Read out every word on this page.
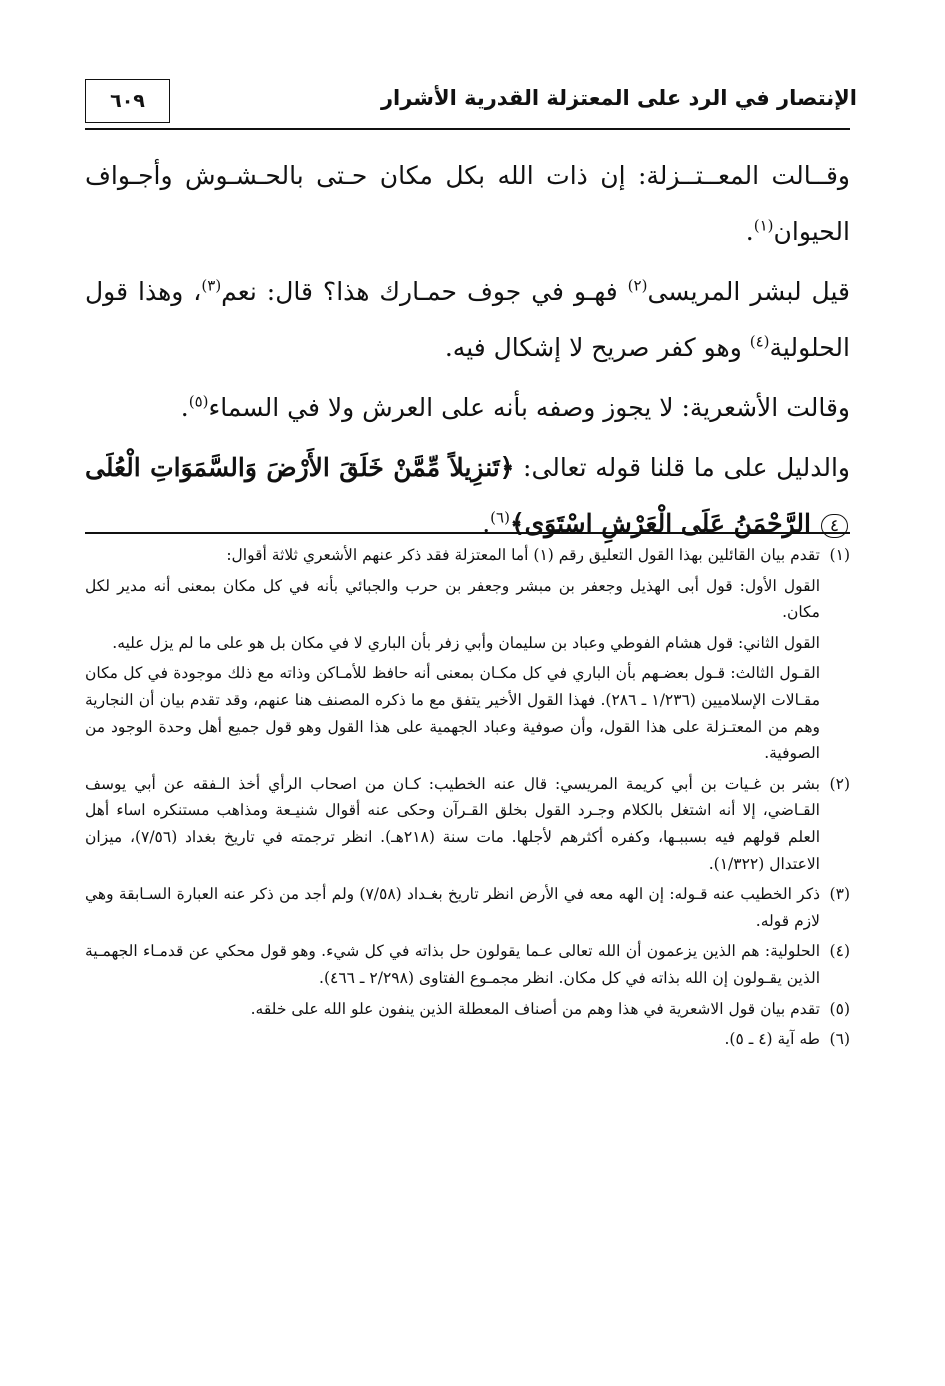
الإنتصار في الرد على المعتزلة القدرية الأشرار
٦٠٩

وقــالت المعــتــزلة: إن ذات الله بكل مكان حـتى بالحـشـوش وأجـواف الحيوان$^{(١)}$.

قيل لبشر المريسى$^{(٢)}$ فهـو في جوف حمـارك هذا؟ قال: نعم$^{(٣)}$، وهذا قول الحلولية$^{(٤)}$ وهو كفر صريح لا إشكال فيه.

وقالت الأشعرية: لا يجوز وصفه بأنه على العرش ولا في السماء$^{(٥)}$.

والدليل على ما قلنا قوله تعالى: ﴿تَنزِيلاً مِّمَّنْ خَلَقَ الأَرْضَ وَالسَّمَوَاتِ الْعُلَى ٤ الرَّحْمَنُ عَلَى الْعَرْشِ اسْتَوَى﴾$^{(٦)}$.

(١)
تقدم بيان القائلين بهذا القول التعليق رقم (١) أما المعتزلة فقد ذكر عنهم الأشعري ثلاثة أقوال:
القول الأول: قول أبى الهذيل وجعفر بن مبشر وجعفر بن حرب والجبائي بأنه في كل مكان بمعنى أنه مدير لكل مكان.
القول الثاني: قول هشام الفوطي وعباد بن سليمان وأبي زفر بأن الباري لا في مكان بل هو على ما لم يزل عليه.
القـول الثالث: قـول بعضـهم بأن الباري في كل مكـان بمعنى أنه حافظ للأمـاكن وذاته مع ذلك موجودة في كل مكان مقـالات الإسلاميين (١/٢٣٦ ـ ٢٨٦). فهذا القول الأخير يتفق مع ما ذكره المصنف هنا عنهم، وقد تقدم بيان أن النجارية وهم من المعتـزلة على هذا القول، وأن صوفية وعباد الجهمية على هذا القول وهو قول جميع أهل وحدة الوجود من الصوفية.
(٢)
بشر بن غـيات بن أبي كريمة المريسي: قال عنه الخطيب: كـان من اصحاب الرأي أخذ الـفقه عن أبي يوسف القـاضي، إلا أنه اشتغل بالكلام وجـرد القول بخلق القـرآن وحكى عنه أقوال شنيـعة ومذاهب مستنكره اساء أهل العلم قولهم فيه بسببـها، وكفره أكثرهم لأجلها. مات سنة (٢١٨هـ). انظر ترجمته في تاريخ بغداد (٧/٥٦)، ميزان الاعتدال (١/٣٢٢).
(٣)
ذكر الخطيب عنه قـوله: إن الهه معه في الأرض انظر تاريخ بغـداد (٧/٥٨) ولم أجد من ذكر عنه العبارة السـابقة وهي لازم قوله.
(٤)
الحلولية: هم الذين يزعمون أن الله تعالى عـما يقولون حل بذاته في كل شيء. وهو قول محكي عن قدمـاء الجهمـية الذين يقـولون إن الله بذاته في كل مكان. انظر مجمـوع الفتاوى (٢/٢٩٨ ـ ٤٦٦).
(٥)
تقدم بيان قول الاشعرية في هذا وهم من أصناف المعطلة الذين ينفون علو الله على خلقه.
(٦)
طه آية (٤ ـ ٥).
